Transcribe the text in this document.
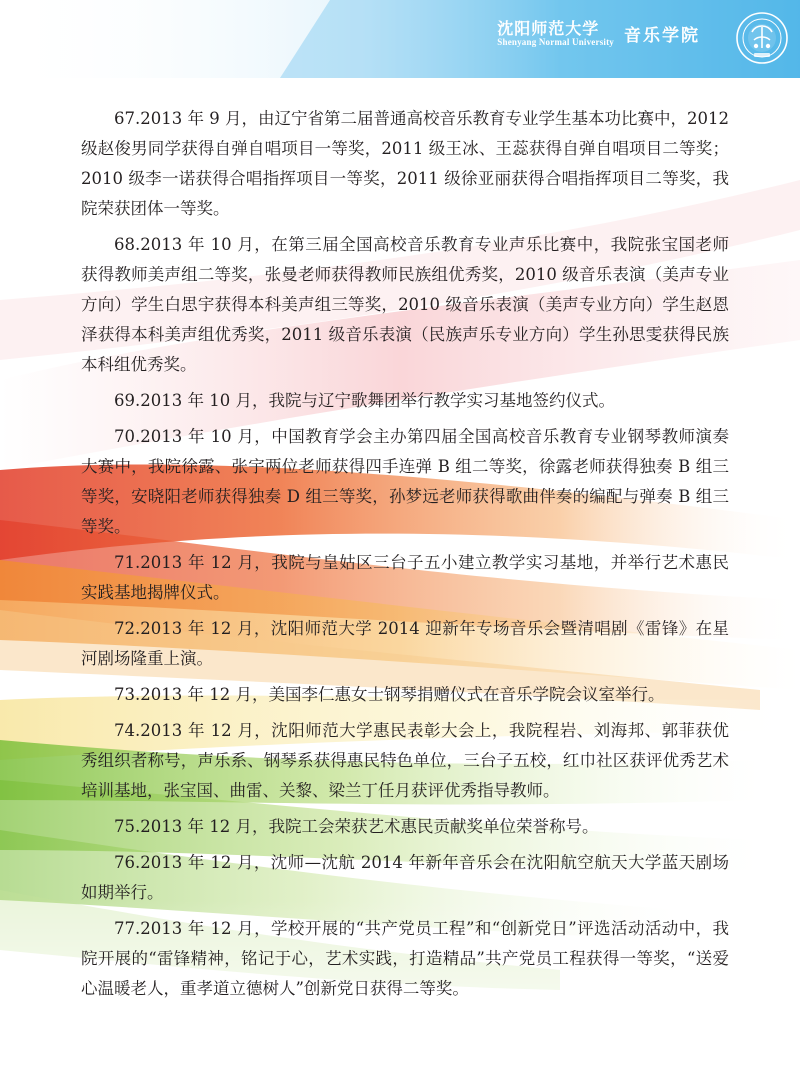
沈阳师范大学
Shenyang Normal University 音乐学院

67.2013 年 9 月，由辽宁省第二届普通高校音乐教育专业学生基本功比赛中，2012 级赵俊男同学获得自弹自唱项目一等奖，2011 级王冰、王蕊获得自弹自唱项目二等奖；2010 级李一诺获得合唱指挥项目一等奖，2011 级徐亚丽获得合唱指挥项目二等奖，我院荣获团体一等奖。

68.2013 年 10 月，在第三届全国高校音乐教育专业声乐比赛中，我院张宝国老师获得教师美声组二等奖，张曼老师获得教师民族组优秀奖，2010 级音乐表演（美声专业方向）学生白思宇获得本科美声组三等奖，2010 级音乐表演（美声专业方向）学生赵恩泽获得本科美声组优秀奖，2011 级音乐表演（民族声乐专业方向）学生孙思雯获得民族本科组优秀奖。

69.2013 年 10 月，我院与辽宁歌舞团举行教学实习基地签约仪式。

70.2013 年 10 月，中国教育学会主办第四届全国高校音乐教育专业钢琴教师演奏大赛中，我院徐露、张宇两位老师获得四手连弹 B 组二等奖，徐露老师获得独奏 B 组三等奖，安晓阳老师获得独奏 D 组三等奖，孙梦远老师获得歌曲伴奏的编配与弹奏 B 组三等奖。

71.2013 年 12 月，我院与皇姑区三台子五小建立教学实习基地，并举行艺术惠民实践基地揭牌仪式。

72.2013 年 12 月，沈阳师范大学 2014 迎新年专场音乐会暨清唱剧《雷锋》在星河剧场隆重上演。

73.2013 年 12 月，美国李仁惠女士钢琴捐赠仪式在音乐学院会议室举行。

74.2013 年 12 月，沈阳师范大学惠民表彰大会上，我院程岩、刘海邦、郭菲获优秀组织者称号，声乐系、钢琴系获得惠民特色单位，三台子五校，红巾社区获评优秀艺术培训基地，张宝国、曲雷、关黎、梁兰丁任月获评优秀指导教师。

75.2013 年 12 月，我院工会荣获艺术惠民贡献奖单位荣誉称号。

76.2013 年 12 月，沈师—沈航 2014 年新年音乐会在沈阳航空航天大学蓝天剧场如期举行。

77.2013 年 12 月，学校开展的“共产党员工程”和“创新党日”评选活动活动中，我院开展的“雷锋精神，铭记于心，艺术实践，打造精品”共产党员工程获得一等奖，“送爱心温暖老人，重孝道立德树人”创新党日获得二等奖。
